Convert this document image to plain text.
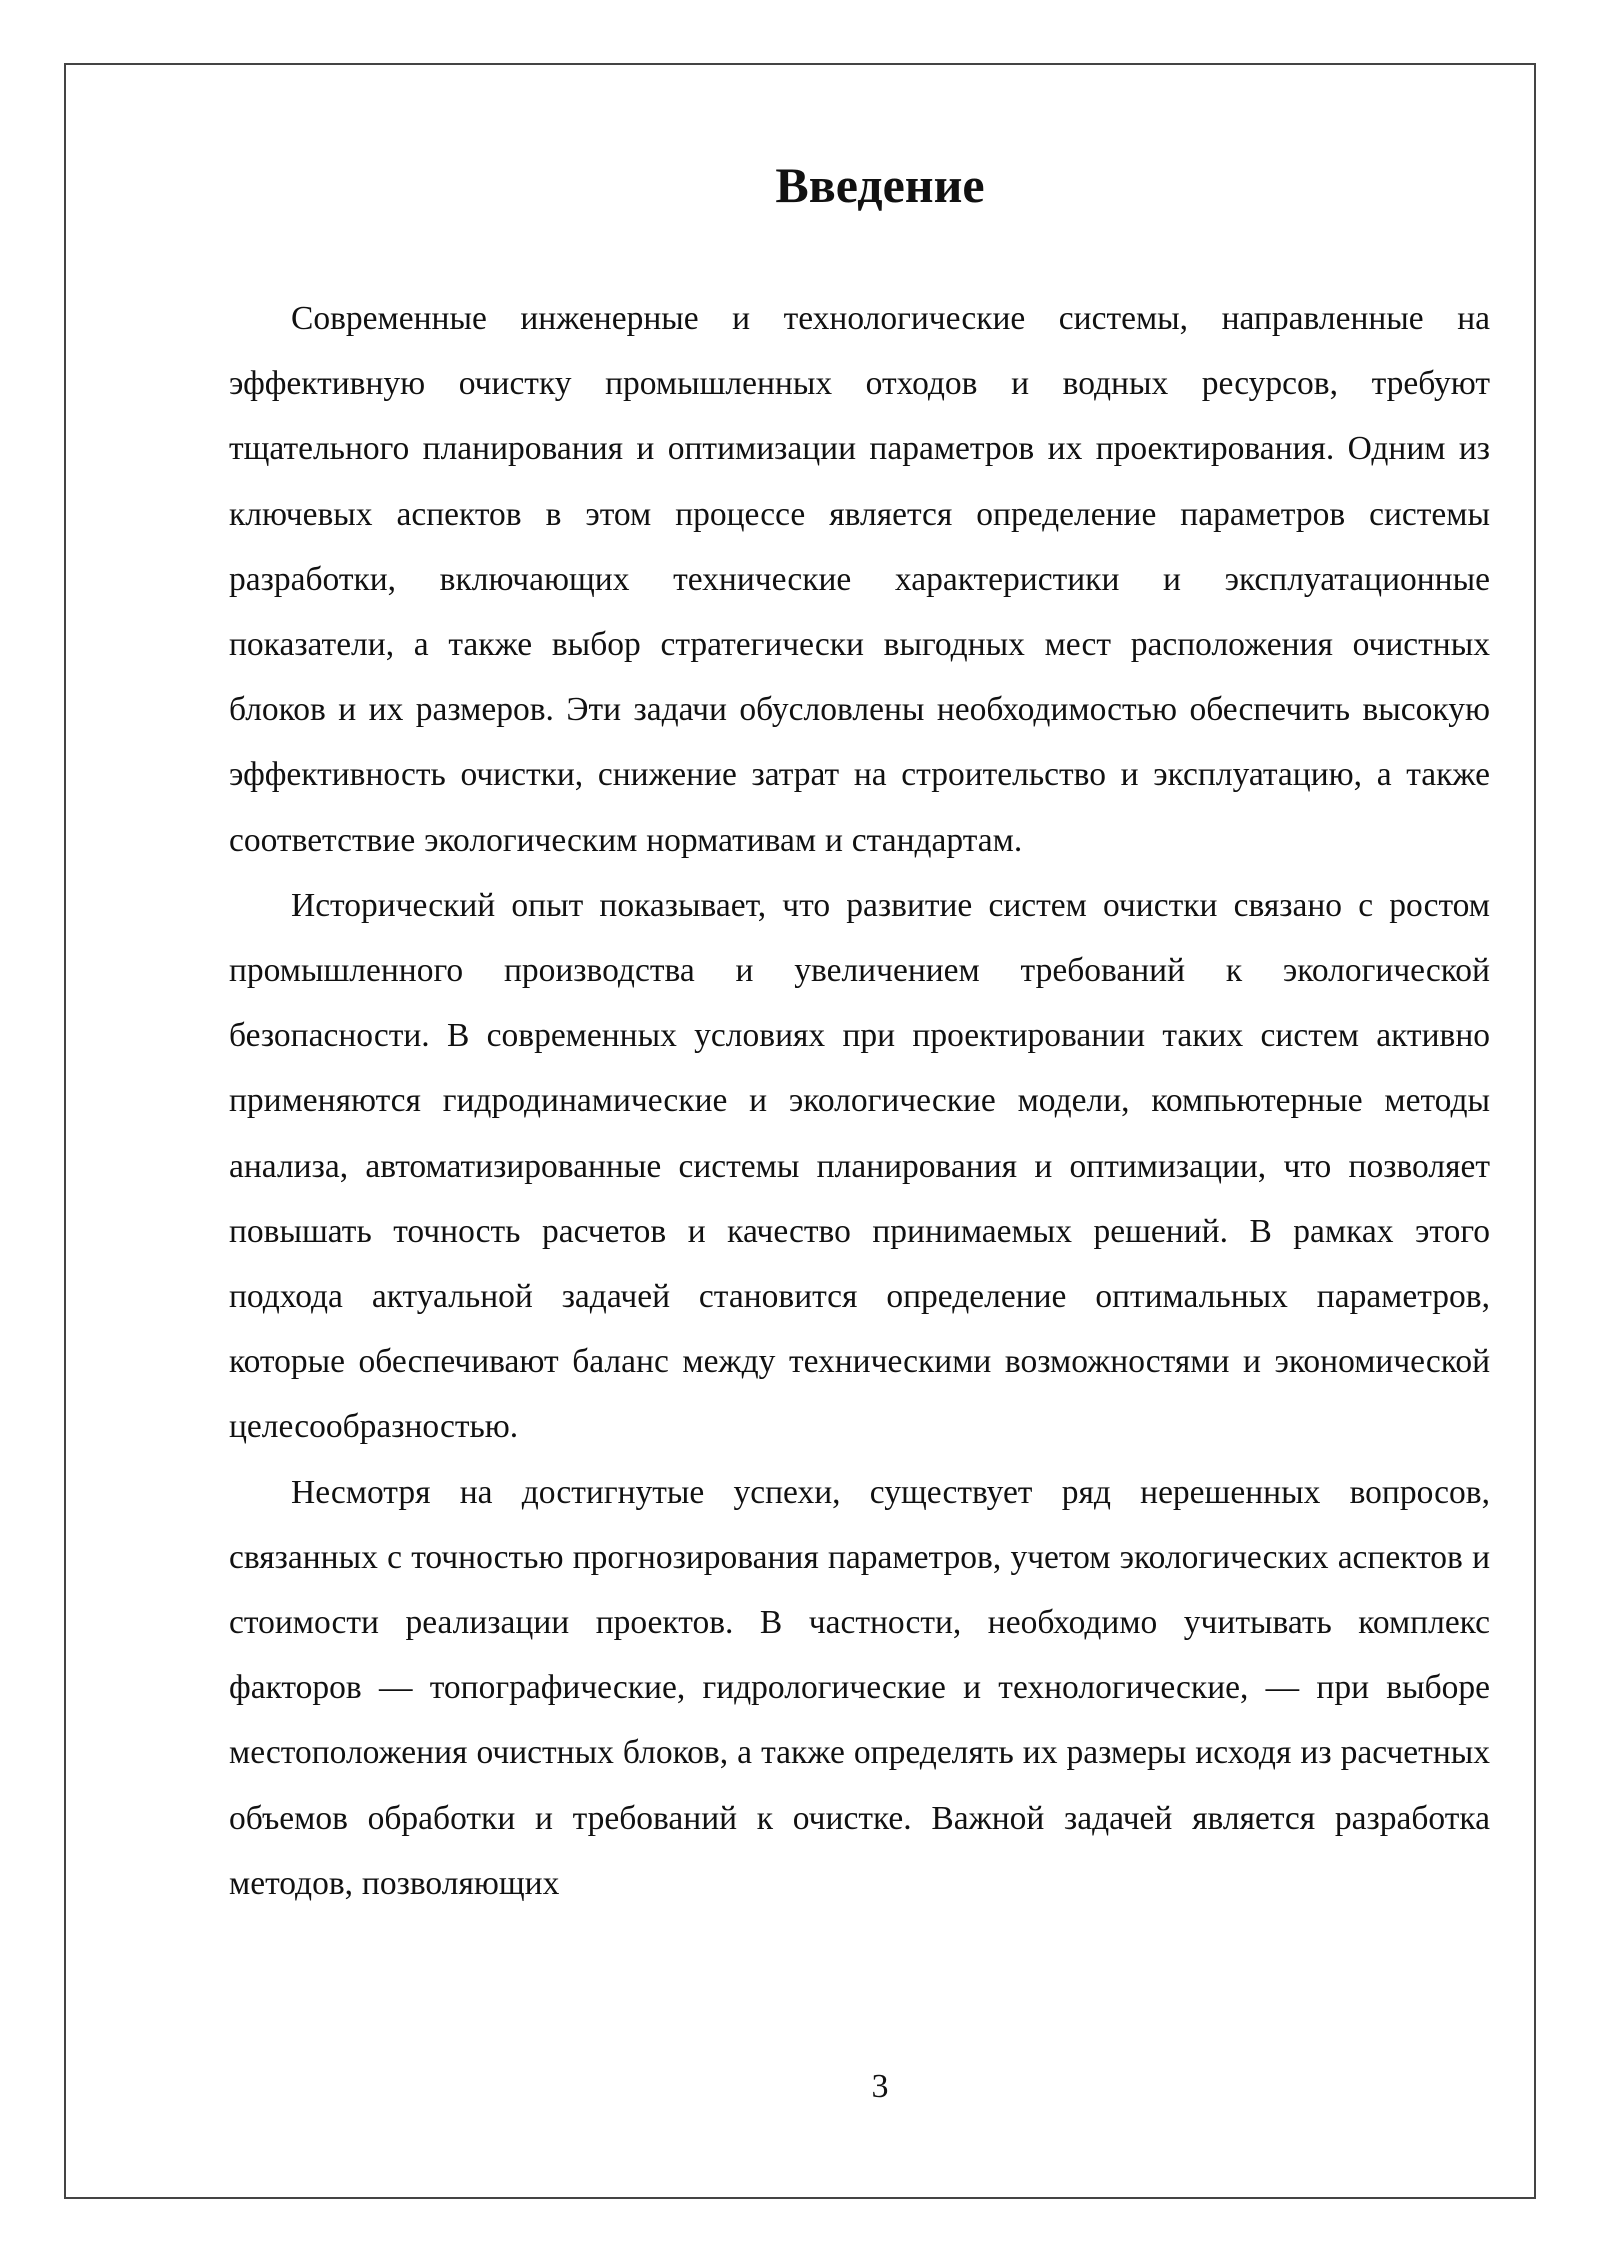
Введение

Современные инженерные и технологические системы, направленные на эффективную очистку промышленных отходов и водных ресурсов, требуют тщательного планирования и оптимизации параметров их проектирования. Одним из ключевых аспектов в этом процессе является определение параметров системы разработки, включающих технические характеристики и эксплуатационные показатели, а также выбор стратегически выгодных мест расположения очистных блоков и их размеров. Эти задачи обусловлены необходимостью обеспечить высокую эффективность очистки, снижение затрат на строительство и эксплуатацию, а также соответствие экологическим нормативам и стандартам.

Исторический опыт показывает, что развитие систем очистки связано с ростом промышленного производства и увеличением требований к экологической безопасности. В современных условиях при проектировании таких систем активно применяются гидродинамические и экологические модели, компьютерные методы анализа, автоматизированные системы планирования и оптимизации, что позволяет повышать точность расчетов и качество принимаемых решений. В рамках этого подхода актуальной задачей становится определение оптимальных параметров, которые обеспечивают баланс между техническими возможностями и экономической целесообразностью.

Несмотря на достигнутые успехи, существует ряд нерешенных вопросов, связанных с точностью прогнозирования параметров, учетом экологических аспектов и стоимости реализации проектов. В частности, необходимо учитывать комплекс факторов — топографические, гидрологические и технологические, — при выборе местоположения очистных блоков, а также определять их размеры исходя из расчетных объемов обработки и требований к очистке. Важной задачей является разработка методов, позволяющих

3
